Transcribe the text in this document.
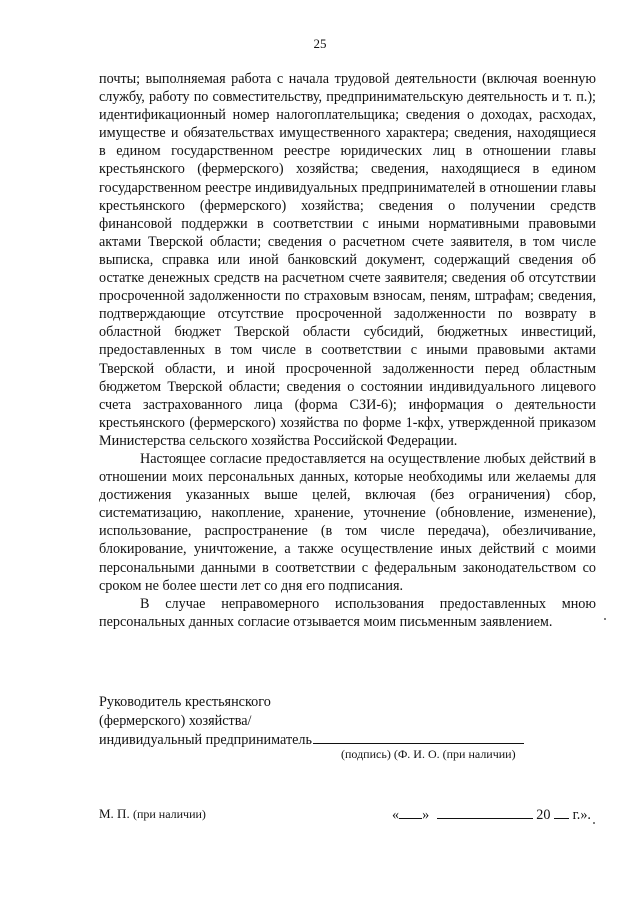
25

почты; выполняемая работа с начала трудовой деятельности (включая военную службу, работу по совместительству, предпринимательскую деятельность и т. п.); идентификационный номер налогоплательщика; сведения о доходах, расходах, имуществе и обязательствах имущественного характера; сведения, находящиеся в едином государственном реестре юридических лиц в отношении главы крестьянского (фермерского) хозяйства; сведения, находящиеся в едином государственном реестре индивидуальных предпринимателей в отношении главы крестьянского (фермерского) хозяйства; сведения о получении средств финансовой поддержки в соответствии с иными нормативными правовыми актами Тверской области; сведения о расчетном счете заявителя, в том числе выписка, справка или иной банковский документ, содержащий сведения об остатке денежных средств на расчетном счете заявителя; сведения об отсутствии просроченной задолженности по страховым взносам, пеням, штрафам; сведения, подтверждающие отсутствие просроченной задолженности по возврату в областной бюджет Тверской области субсидий, бюджетных инвестиций, предоставленных в том числе в соответствии с иными правовыми актами Тверской области, и иной просроченной задолженности перед областным бюджетом Тверской области; сведения о состоянии индивидуального лицевого счета застрахованного лица (форма СЗИ-6); информация о деятельности крестьянского (фермерского) хозяйства по форме 1-кфх, утвержденной приказом Министерства сельского хозяйства Российской Федерации.

Настоящее согласие предоставляется на осуществление любых действий в отношении моих персональных данных, которые необходимы или желаемы для достижения указанных выше целей, включая (без ограничения) сбор, систематизацию, накопление, хранение, уточнение (обновление, изменение), использование, распространение (в том числе передача), обезличивание, блокирование, уничтожение, а также осуществление иных действий с моими персональными данными в соответствии с федеральным законодательством со сроком не более шести лет со дня его подписания.

В случае неправомерного использования предоставленных мною персональных данных согласие отзывается моим письменным заявлением.

Руководитель крестьянского
(фермерского) хозяйства/
индивидуальный предприниматель
(подпись) (Ф. И. О. (при наличии)
М. П. (при наличии)	« »	20 г.».
